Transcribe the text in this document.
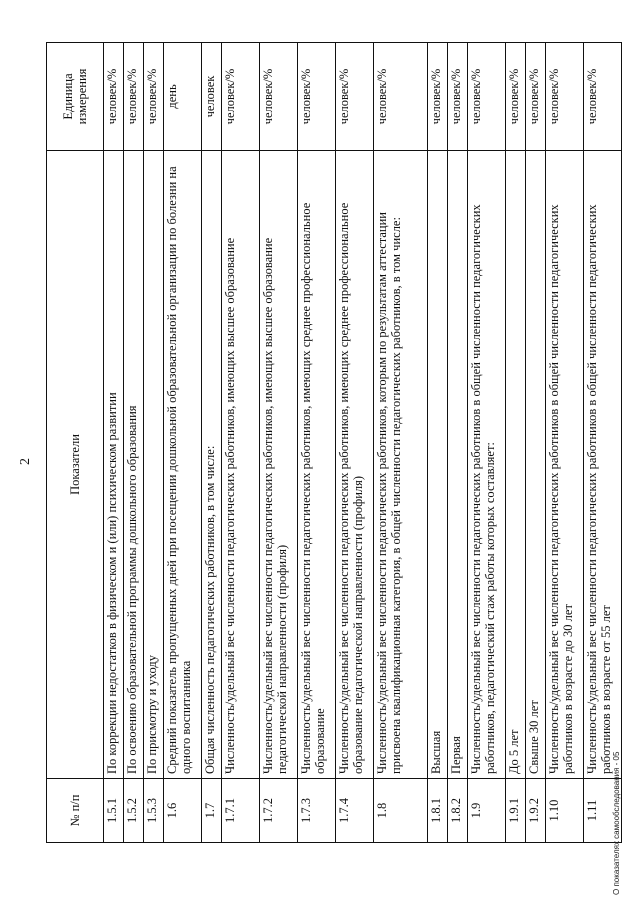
2
№ п/п	Показатели	Единица измерения
1.5.1	По коррекции недостатков в физическом и (или) психическом развитии	человек/%
1.5.2	По освоению образовательной программы дошкольного образования	человек/%
1.5.3	По присмотру и уходу	человек/%
1.6	Средний показатель пропущенных дней при посещении дошкольной образовательной организации по болезни на одного воспитанника	день
1.7	Общая численность педагогических работников, в том числе:	человек
1.7.1	Численность/удельный вес численности педагогических работников, имеющих высшее образование	человек/%
1.7.2	Численность/удельный вес численности педагогических работников, имеющих высшее образование педагогической направленности (профиля)	человек/%
1.7.3	Численность/удельный вес численности педагогических работников, имеющих среднее профессиональное образование	человек/%
1.7.4	Численность/удельный вес численности педагогических работников, имеющих среднее профессиональное образование педагогической направленности (профиля)	человек/%
1.8	Численность/удельный вес численности педагогических работников, которым по результатам аттестации присвоена квалификационная категория, в общей численности педагогических работников, в том числе:	человек/%
1.8.1	Высшая	человек/%
1.8.2	Первая	человек/%
1.9	Численность/удельный вес численности педагогических работников в общей численности педагогических работников, педагогический стаж работы которых составляет:	человек/%
1.9.1	До 5 лет	человек/%
1.9.2	Свыше 30 лет	человек/%
1.10	Численность/удельный вес численности педагогических работников в общей численности педагогических работников в возрасте до 30 лет	человек/%
1.11	Численность/удельный вес численности педагогических работников в общей численности педагогических работников в возрасте от 55 лет	человек/%
О показателях самообследования - 05
